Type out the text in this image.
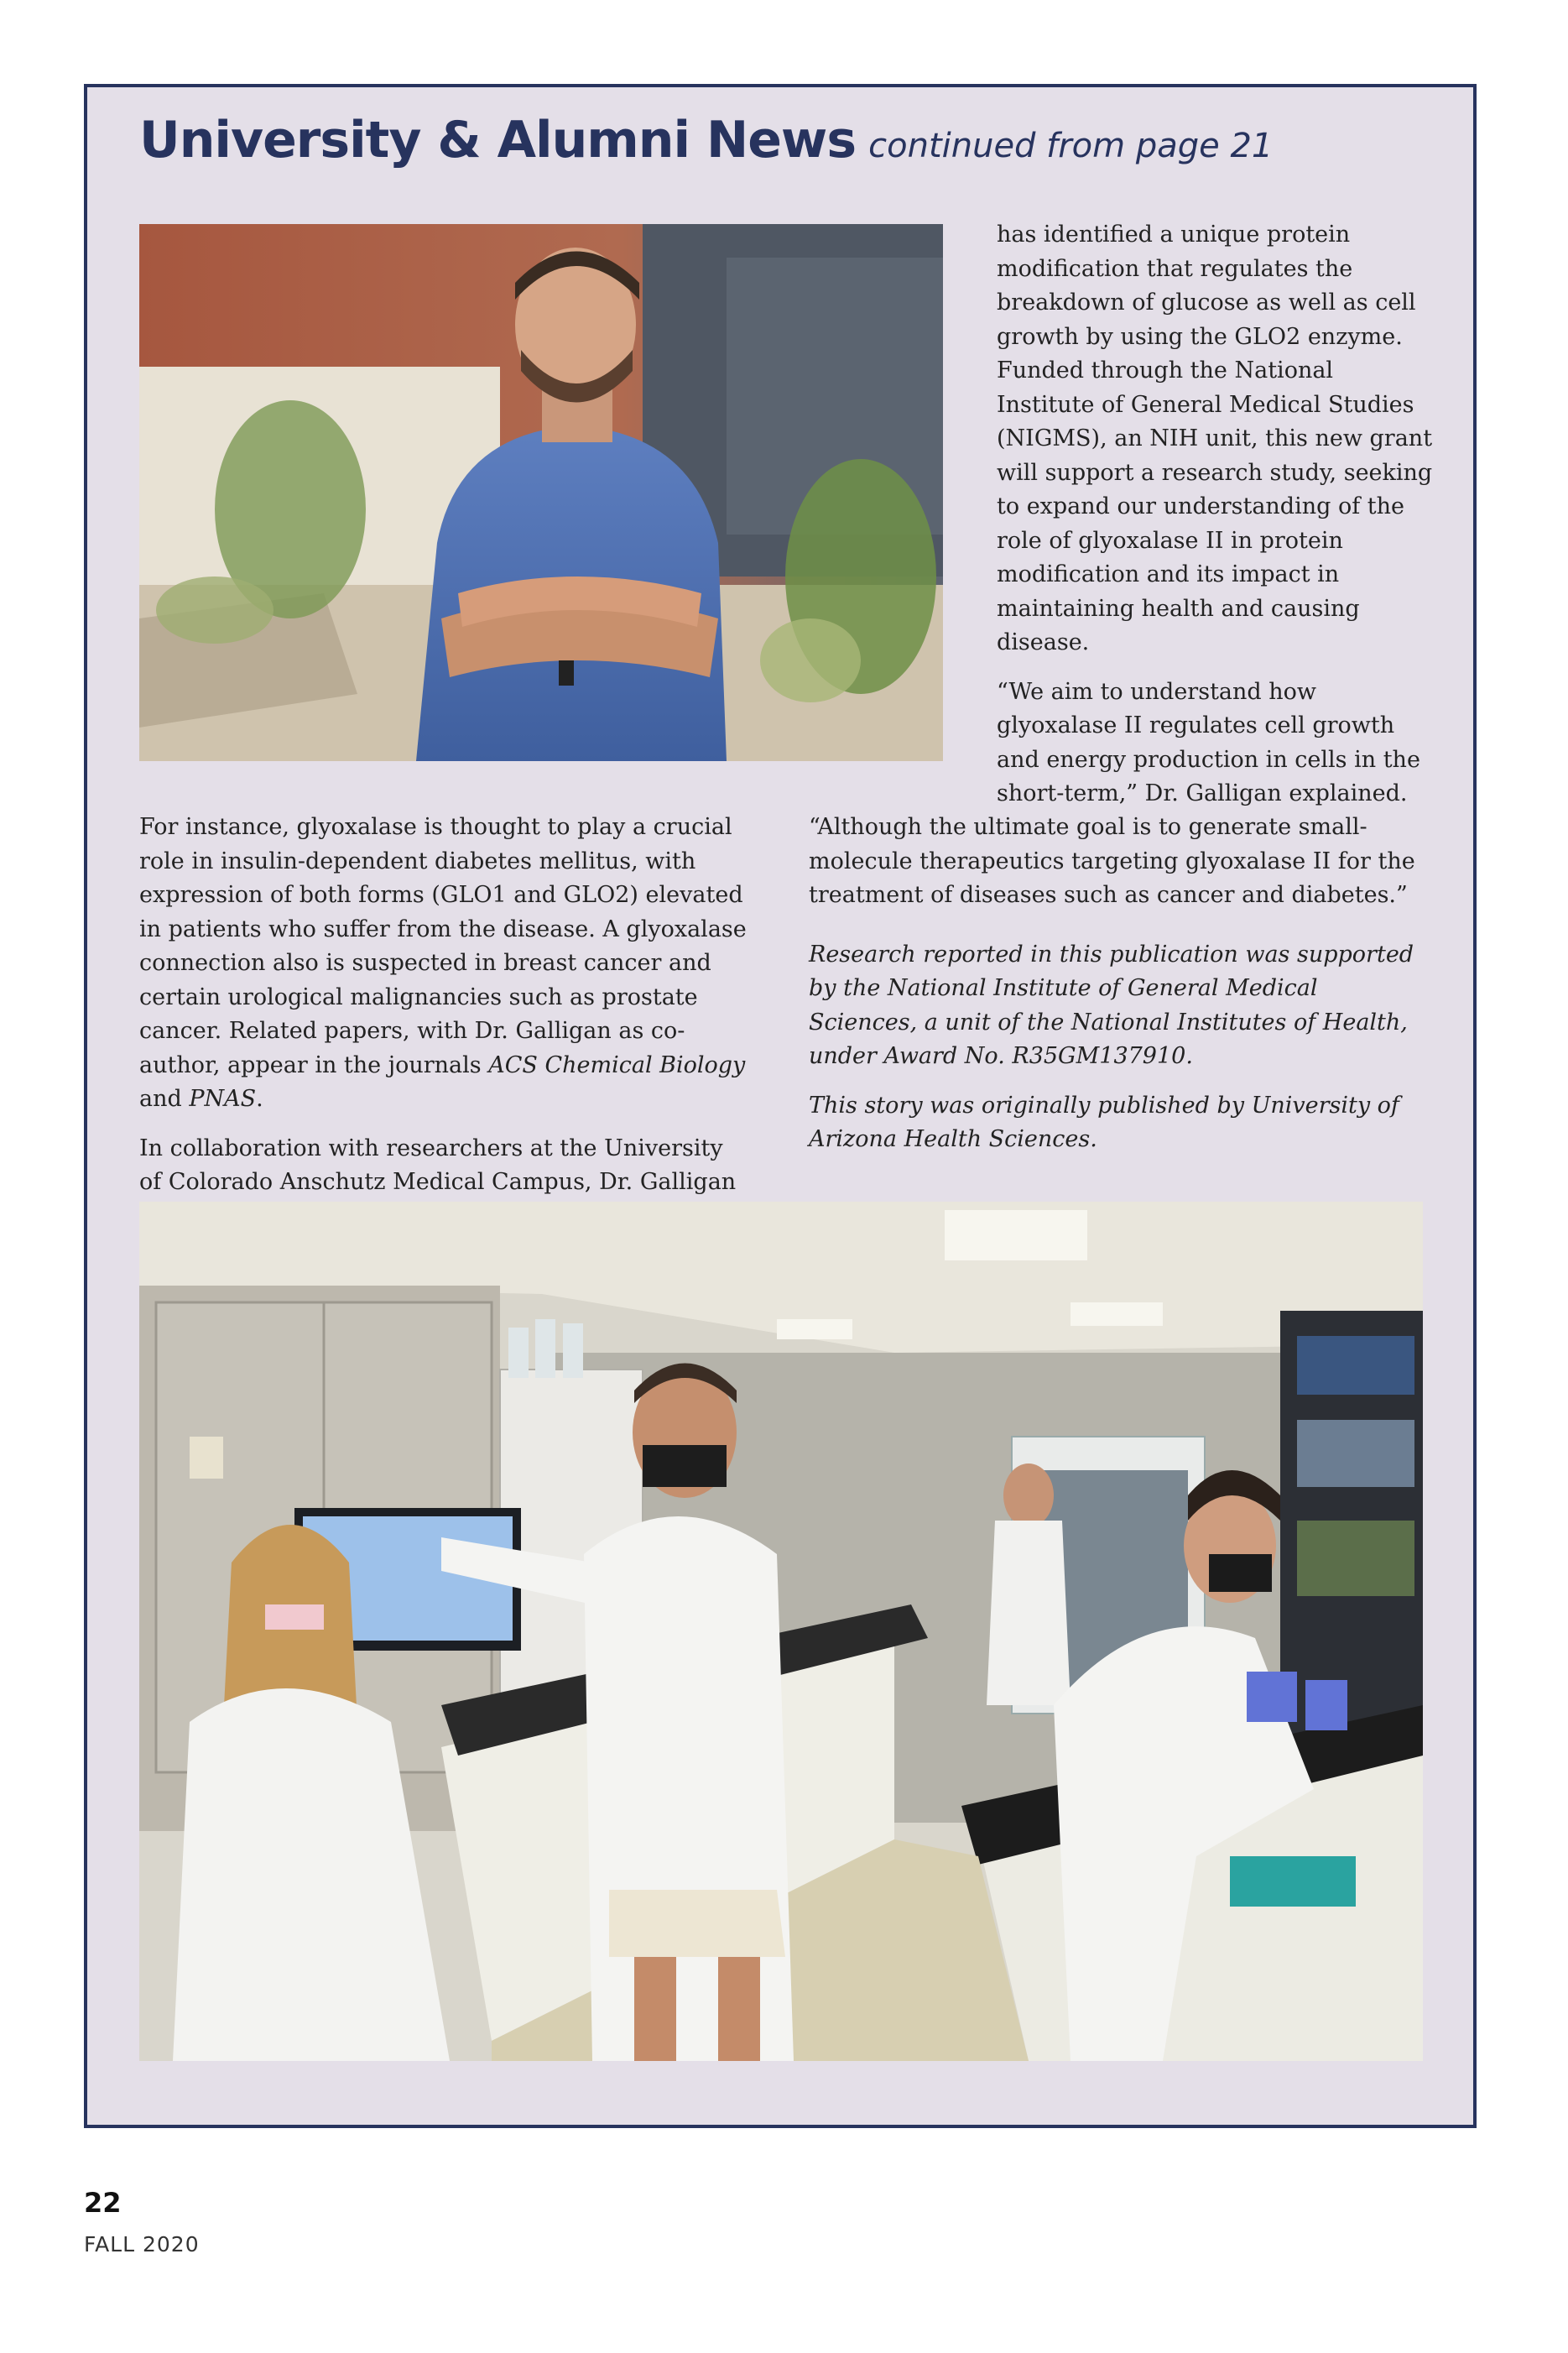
University & Alumni News continued from page 21

has identified a unique protein modification that regulates the breakdown of glucose as well as cell growth by using the GLO2 enzyme. Funded through the National Institute of General Medical Studies (NIGMS), an NIH unit, this new grant will support a research study, seeking to expand our understanding of the role of glyoxalase II in protein modification and its impact in maintaining health and causing disease.

“We aim to understand how glyoxalase II regulates cell growth and energy production in cells in the short-term,” Dr. Galligan explained.

For instance, glyoxalase is thought to play a crucial role in insulin-dependent diabetes mellitus, with expression of both forms (GLO1 and GLO2) elevated in patients who suffer from the disease. A glyoxalase connection also is suspected in breast cancer and certain urological malignancies such as prostate cancer. Related papers, with Dr. Galligan as co-author, appear in the journals ACS Chemical Biology and PNAS.

In collaboration with researchers at the University of Colorado Anschutz Medical Campus, Dr. Galligan

“Although the ultimate goal is to generate small-molecule therapeutics targeting glyoxalase II for the treatment of diseases such as cancer and diabetes.”

Research reported in this publication was supported by the National Institute of General Medical Sciences, a unit of the National Institutes of Health, under Award No. R35GM137910.

This story was originally published by University of Arizona Health Sciences.

22
FALL 2020
